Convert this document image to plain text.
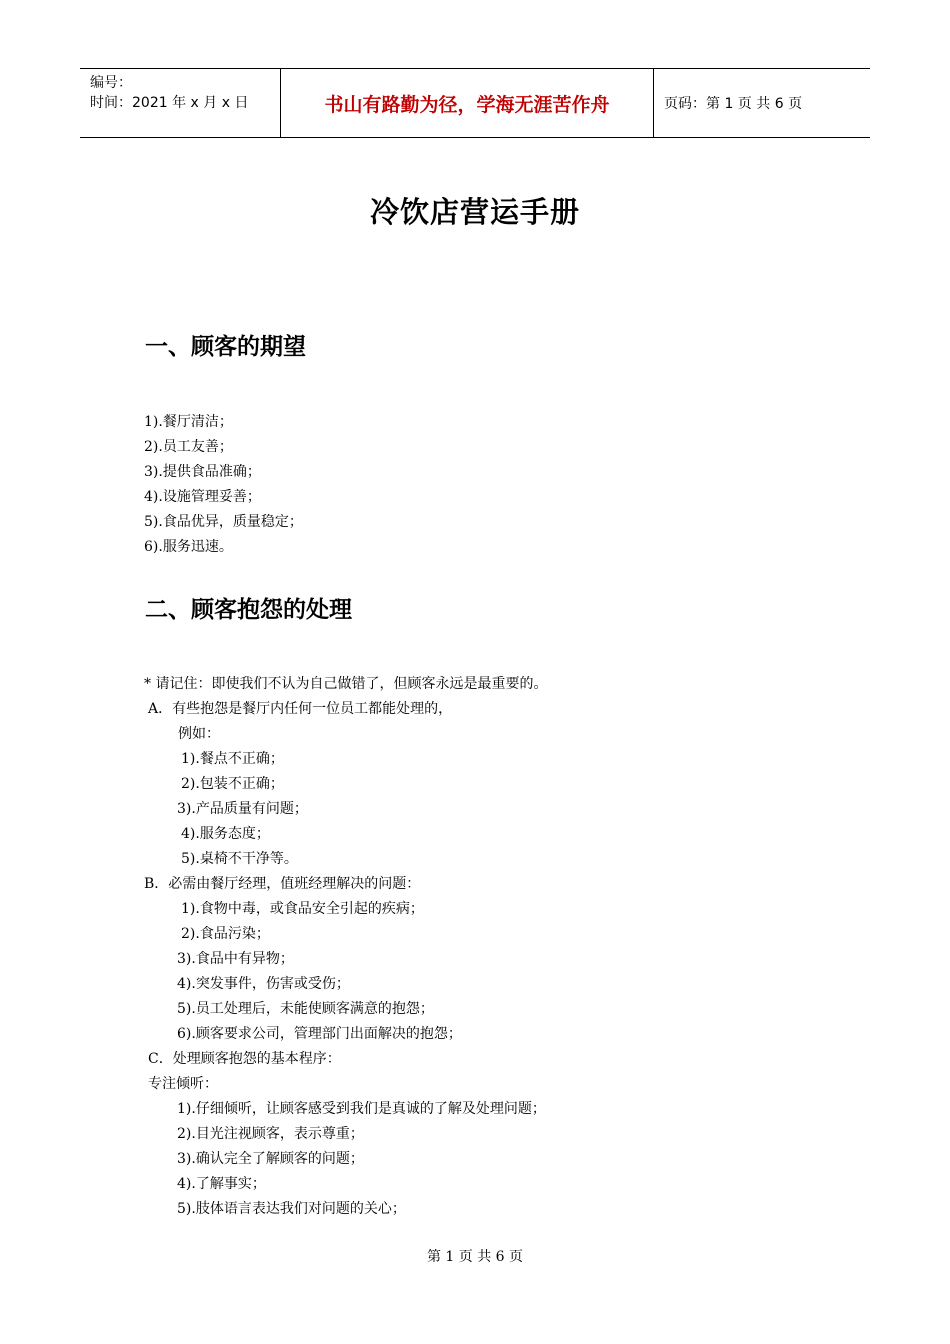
编号：
时间：2021 年 x 月 x 日	书山有路勤为径，学海无涯苦作舟	页码：第 1 页 共 6 页
冷饮店营运手册
一、顾客的期望
1).餐厅清洁；
2).员工友善；
3).提供食品准确；
4).设施管理妥善；
5).食品优异，质量稳定；
6).服务迅速。
二、顾客抱怨的处理
* 请记住：即使我们不认为自己做错了，但顾客永远是最重要的。
A．有些抱怨是餐厅内任何一位员工都能处理的，
例如：
1).餐点不正确；
2).包装不正确；
3).产品质量有问题；
4).服务态度；
5).桌椅不干净等。
B．必需由餐厅经理，值班经理解决的问题：
1).食物中毒，或食品安全引起的疾病；
2).食品污染；
3).食品中有异物；
4).突发事件，伤害或受伤；
5).员工处理后，未能使顾客满意的抱怨；
6).顾客要求公司，管理部门出面解决的抱怨；
C．处理顾客抱怨的基本程序：
专注倾听：
1).仔细倾听，让顾客感受到我们是真诚的了解及处理问题；
2).目光注视顾客，表示尊重；
3).确认完全了解顾客的问题；
4).了解事实；
5).肢体语言表达我们对问题的关心；
第 1 页 共 6 页
